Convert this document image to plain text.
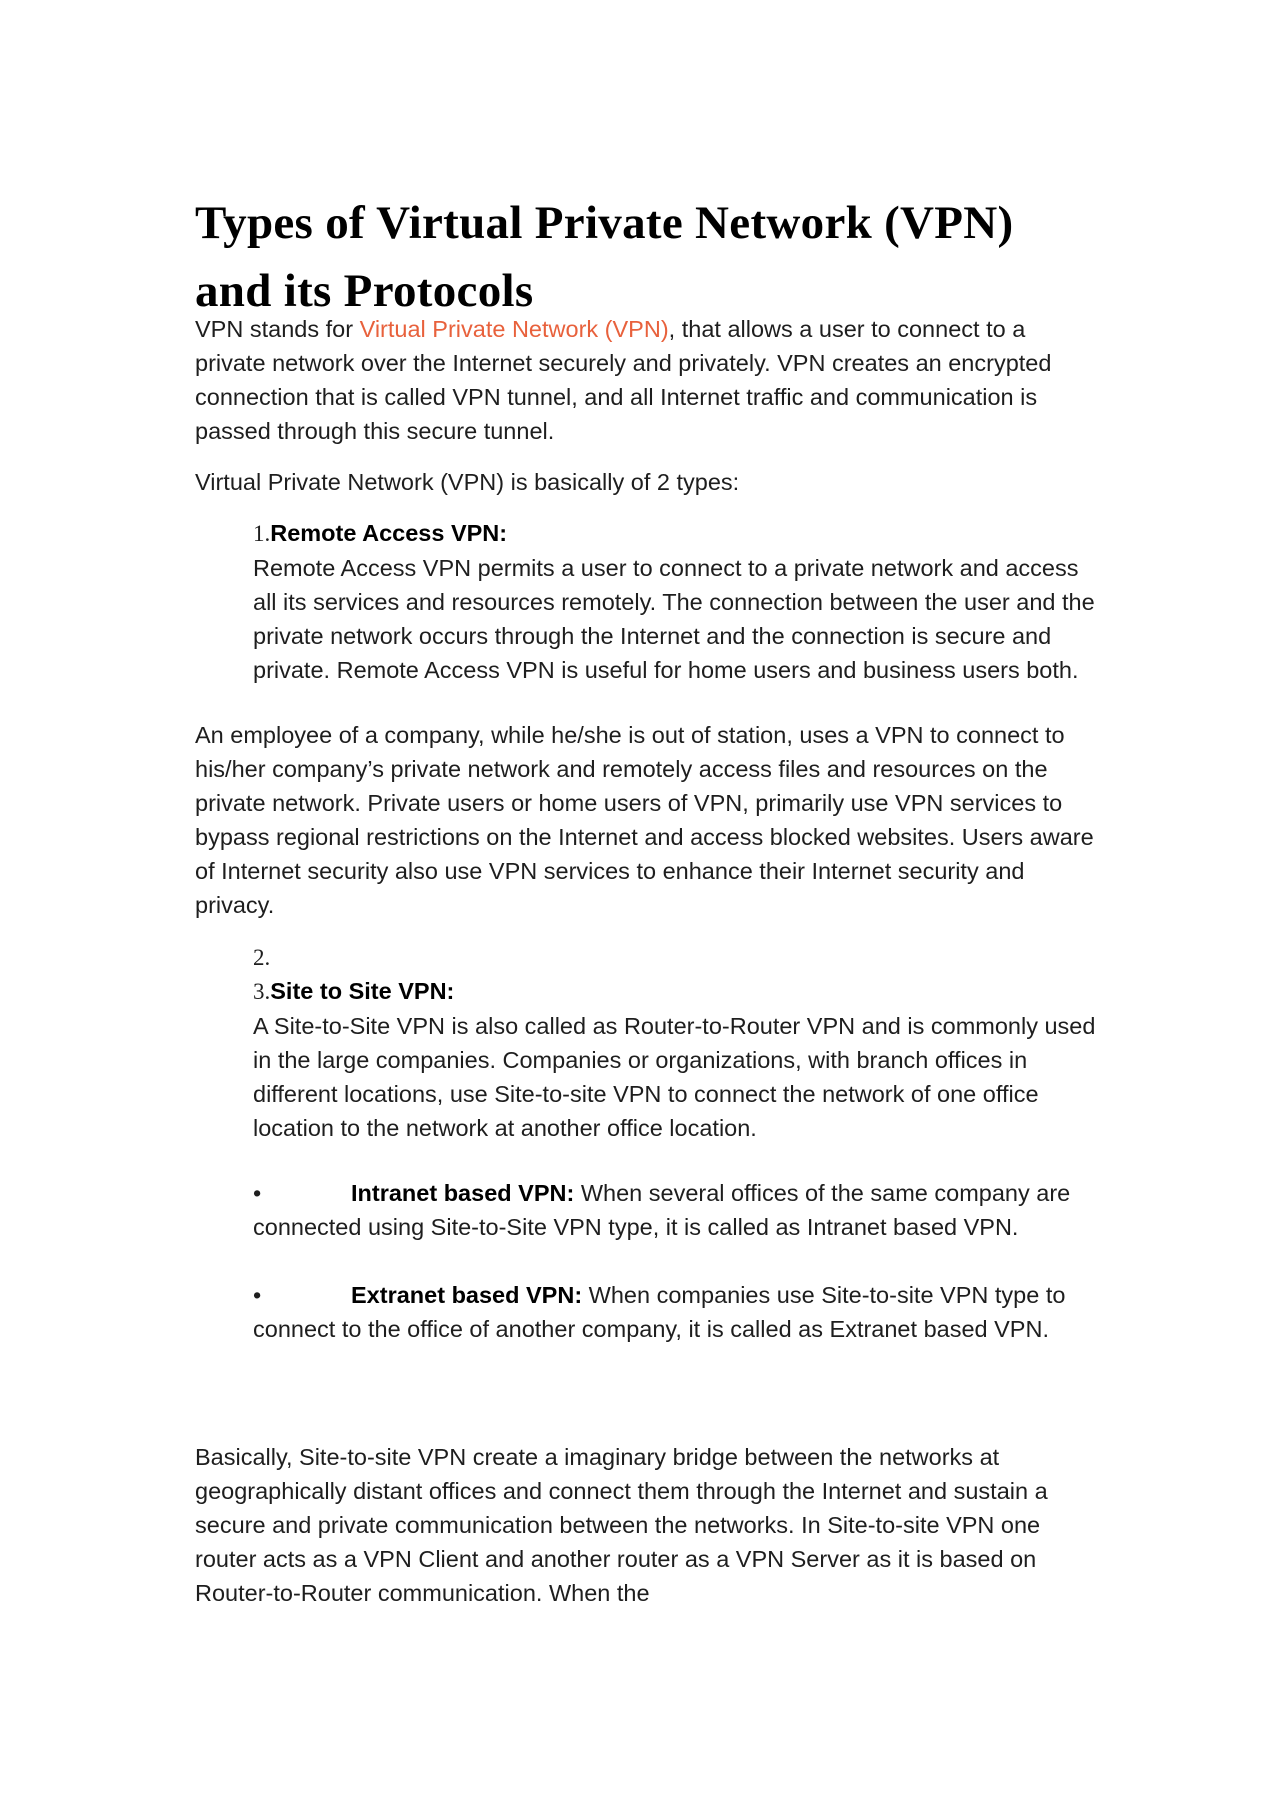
Types of Virtual Private Network (VPN) and its Protocols

VPN stands for Virtual Private Network (VPN), that allows a user to connect to a private network over the Internet securely and privately. VPN creates an encrypted connection that is called VPN tunnel, and all Internet traffic and communication is passed through this secure tunnel.

Virtual Private Network (VPN) is basically of 2 types:

1.Remote Access VPN:
Remote Access VPN permits a user to connect to a private network and access all its services and resources remotely. The connection between the user and the private network occurs through the Internet and the connection is secure and private. Remote Access VPN is useful for home users and business users both.

An employee of a company, while he/she is out of station, uses a VPN to connect to his/her company’s private network and remotely access files and resources on the private network. Private users or home users of VPN, primarily use VPN services to bypass regional restrictions on the Internet and access blocked websites. Users aware of Internet security also use VPN services to enhance their Internet security and privacy.

2.
3.Site to Site VPN:
A Site-to-Site VPN is also called as Router-to-Router VPN and is commonly used in the large companies. Companies or organizations, with branch offices in different locations, use Site-to-site VPN to connect the network of one office location to the network at another office location.
•	Intranet based VPN: When several offices of the same company are connected using Site-to-Site VPN type, it is called as Intranet based VPN.
•	Extranet based VPN: When companies use Site-to-site VPN type to connect to the office of another company, it is called as Extranet based VPN.

Basically, Site-to-site VPN create a imaginary bridge between the networks at geographically distant offices and connect them through the Internet and sustain a secure and private communication between the networks. In Site-to-site VPN one router acts as a VPN Client and another router as a VPN Server as it is based on Router-to-Router communication. When the
